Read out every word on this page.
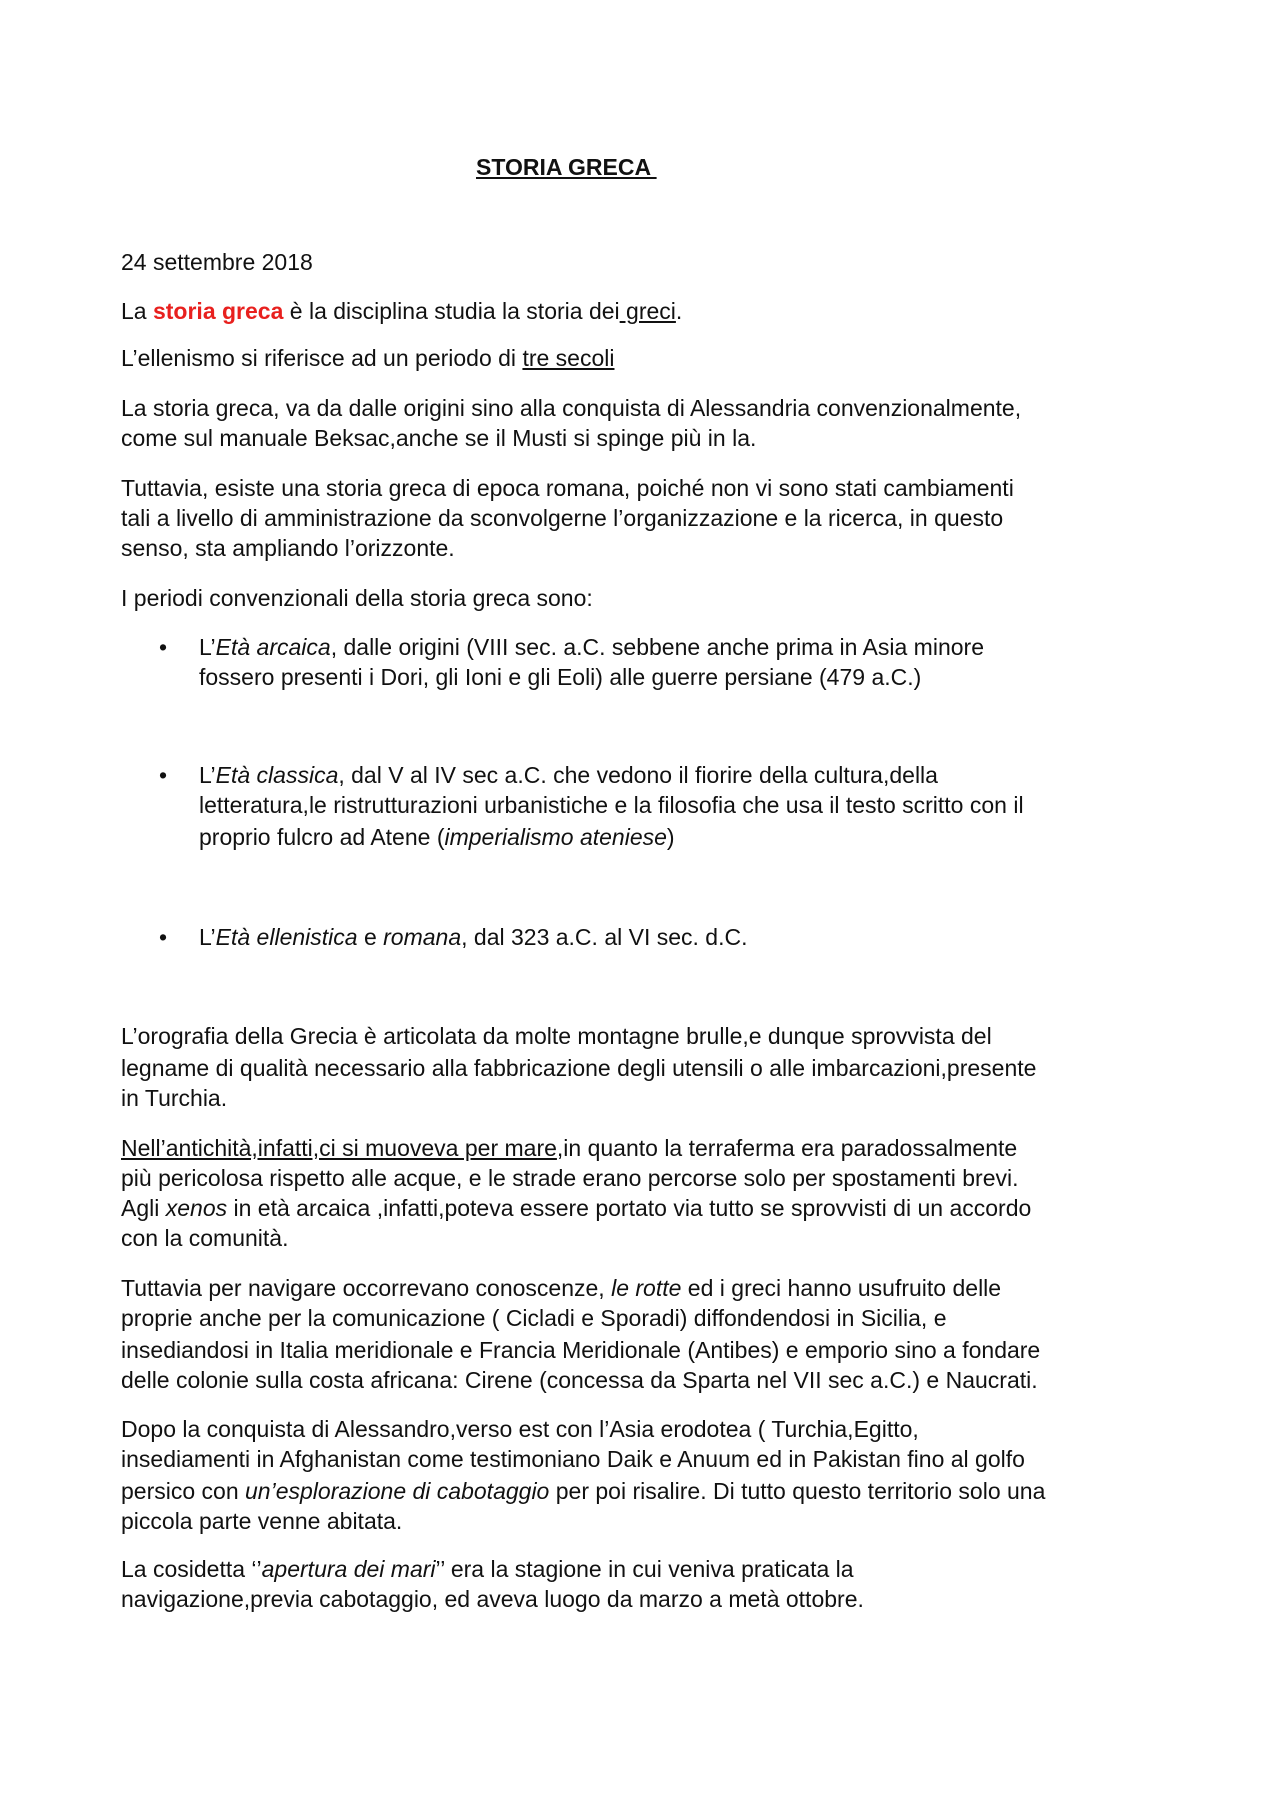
STORIA GRECA
24 settembre 2018
La storia greca è la disciplina studia la storia dei greci.
L’ellenismo si riferisce ad un periodo di tre secoli
La storia greca, va da dalle origini sino alla conquista di Alessandria convenzionalmente,
come sul manuale Beksac,anche se il Musti si spinge più in la.
Tuttavia, esiste una storia greca di epoca romana, poiché non vi sono stati cambiamenti
tali a livello di amministrazione da sconvolgerne l’organizzazione e la ricerca, in questo
senso, sta ampliando l’orizzonte.
I periodi convenzionali della storia greca sono:
• L’Età arcaica, dalle origini (VIII sec. a.C. sebbene anche prima in Asia minore
fossero presenti i Dori, gli Ioni e gli Eoli) alle guerre persiane (479 a.C.)
• L’Età classica, dal V al IV sec a.C. che vedono il fiorire della cultura,della
letteratura,le ristrutturazioni urbanistiche e la filosofia che usa il testo scritto con il
proprio fulcro ad Atene (imperialismo ateniese)
• L’Età ellenistica e romana, dal 323 a.C. al VI sec. d.C.
L’orografia della Grecia è articolata da molte montagne brulle,e dunque sprovvista del
legname di qualità necessario alla fabbricazione degli utensili o alle imbarcazioni,presente
in Turchia.
Nell’antichità,infatti,ci si muoveva per mare,in quanto la terraferma era paradossalmente
più pericolosa rispetto alle acque, e le strade erano percorse solo per spostamenti brevi.
Agli xenos in età arcaica ,infatti,poteva essere portato via tutto se sprovvisti di un accordo
con la comunità.
Tuttavia per navigare occorrevano conoscenze, le rotte ed i greci hanno usufruito delle
proprie anche per la comunicazione ( Cicladi e Sporadi) diffondendosi in Sicilia, e
insediandosi in Italia meridionale e Francia Meridionale (Antibes) e emporio sino a fondare
delle colonie sulla costa africana: Cirene (concessa da Sparta nel VII sec a.C.) e Naucrati.
Dopo la conquista di Alessandro,verso est con l’Asia erodotea ( Turchia,Egitto,
insediamenti in Afghanistan come testimoniano Daik e Anuum ed in Pakistan fino al golfo
persico con un’esplorazione di cabotaggio per poi risalire. Di tutto questo territorio solo una
piccola parte venne abitata.
La cosidetta ‘’apertura dei mari’’ era la stagione in cui veniva praticata la
navigazione,previa cabotaggio, ed aveva luogo da marzo a metà ottobre.
